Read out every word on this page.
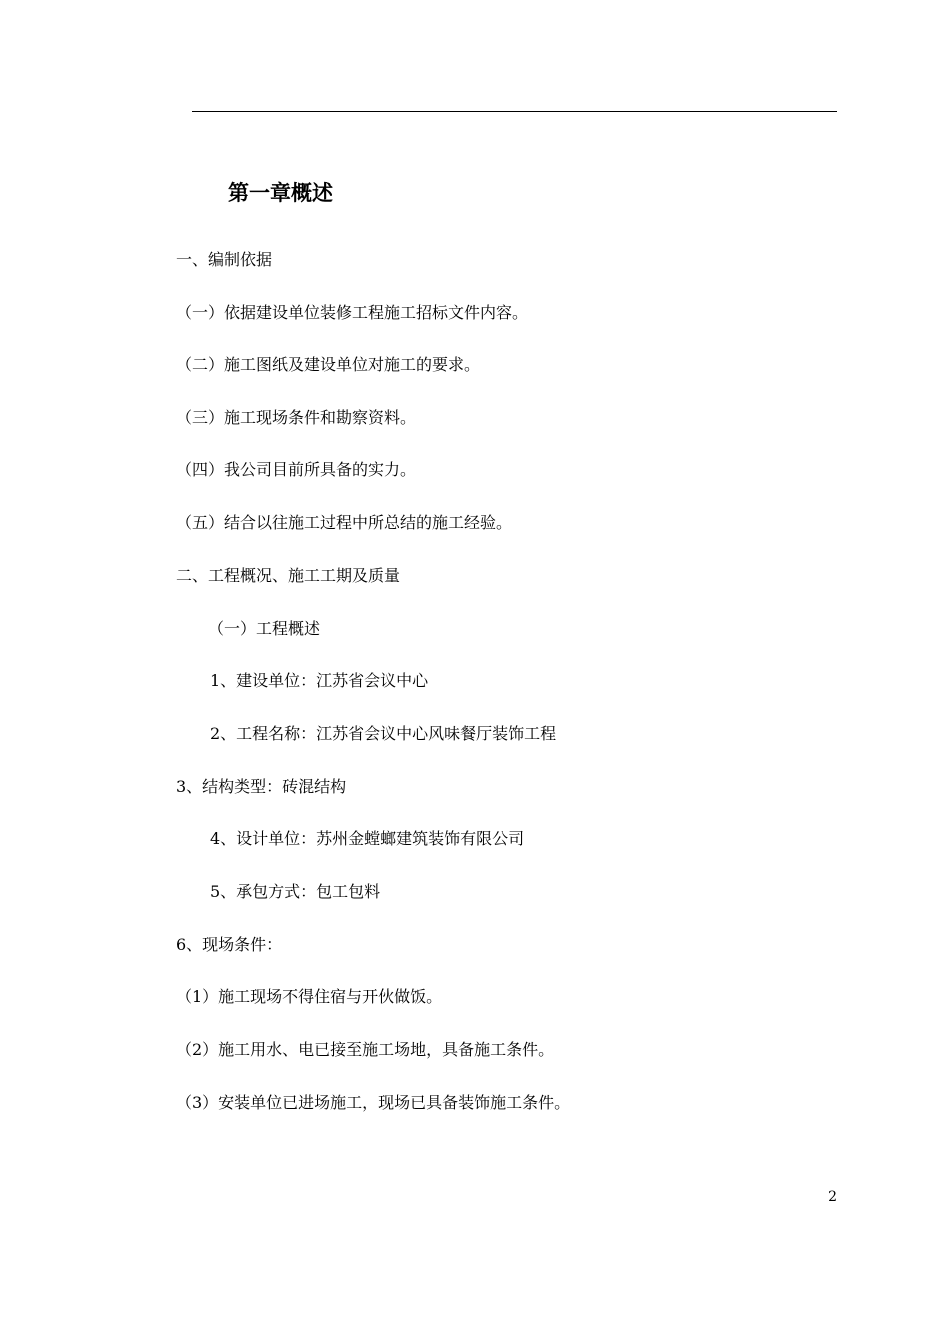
第一章概述
一、编制依据
（一）依据建设单位装修工程施工招标文件内容。
（二）施工图纸及建设单位对施工的要求。
（三）施工现场条件和勘察资料。
（四）我公司目前所具备的实力。
（五）结合以往施工过程中所总结的施工经验。
二、工程概况、施工工期及质量
（一）工程概述
1、建设单位：江苏省会议中心
2、工程名称：江苏省会议中心风味餐厅装饰工程
3、结构类型：砖混结构
4、设计单位：苏州金螳螂建筑装饰有限公司
5、承包方式：包工包料
6、现场条件：
（1）施工现场不得住宿与开伙做饭。
（2）施工用水、电已接至施工场地，具备施工条件。
（3）安装单位已进场施工，现场已具备装饰施工条件。
2
